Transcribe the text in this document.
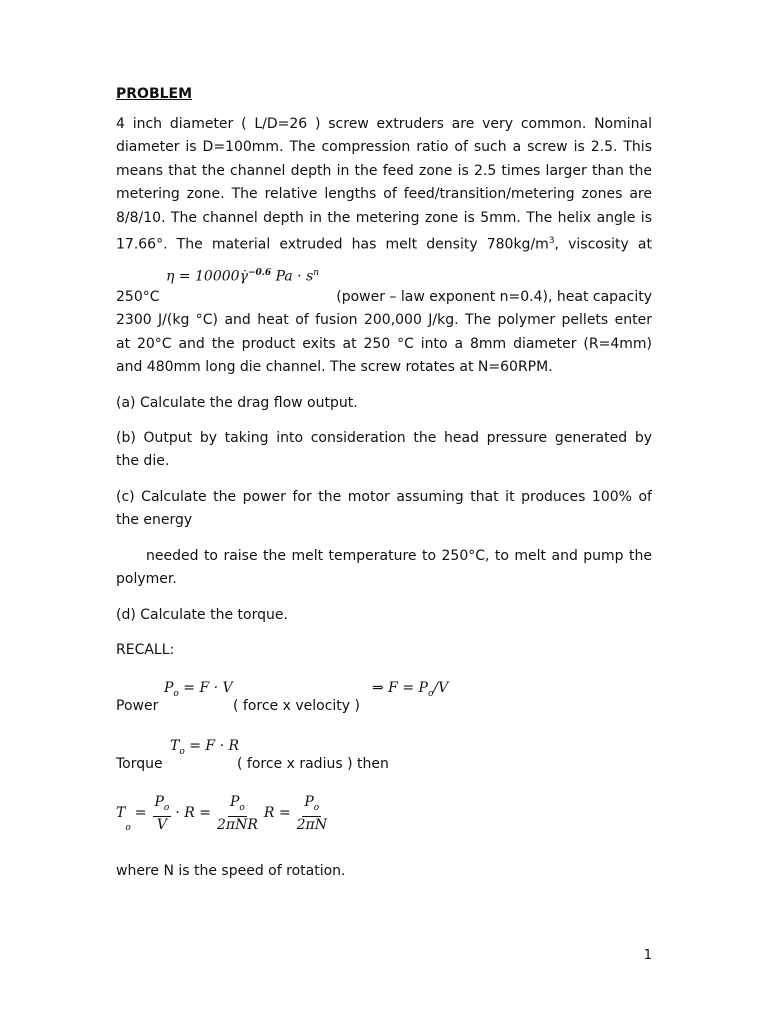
PROBLEM
4 inch diameter ( L/D=26 ) screw extruders are very common. Nominal
diameter is D=100mm. The compression ratio of such a screw is 2.5. This
means that the channel depth in the feed zone is 2.5 times larger than the
metering zone. The relative lengths of feed/transition/metering zones are
8/8/10. The channel depth in the metering zone is 5mm. The helix angle is
17.66°. The material extruded has melt density $780kg/m^3$, viscosity at
η = 10000γ̇$^{-0.6}$ $Pa \cdot s^n$
250°C	(power – law exponent n=0.4), heat capacity
2300 J/(kg °C) and heat of fusion 200,000 J/kg. The polymer pellets enter
at 20°C and the product exits at 250 °C into a 8mm diameter (R=4mm)
and 480mm long die channel. The screw rotates at N=60RPM.
(a) Calculate the drag flow output.
(b) Output by taking into consideration the head pressure generated by
the die.
(c) Calculate the power for the motor assuming that it produces 100% of
the energy
needed to raise the melt temperature to 250°C, to melt and pump the
polymer.
(d) Calculate the torque.
RECALL:
$P_o = F \cdot V$	⇒ $F = P_o/V$
Power	( force x velocity )
$T_o = F \cdot R$
Torque	( force x radius ) then
T
o
= $\frac{P_o}{V} \cdot R = \frac{P_o}{\text{2πNR}}$ $R = \frac{P_o}{2\pi N}$
where N is the speed of rotation.
1
